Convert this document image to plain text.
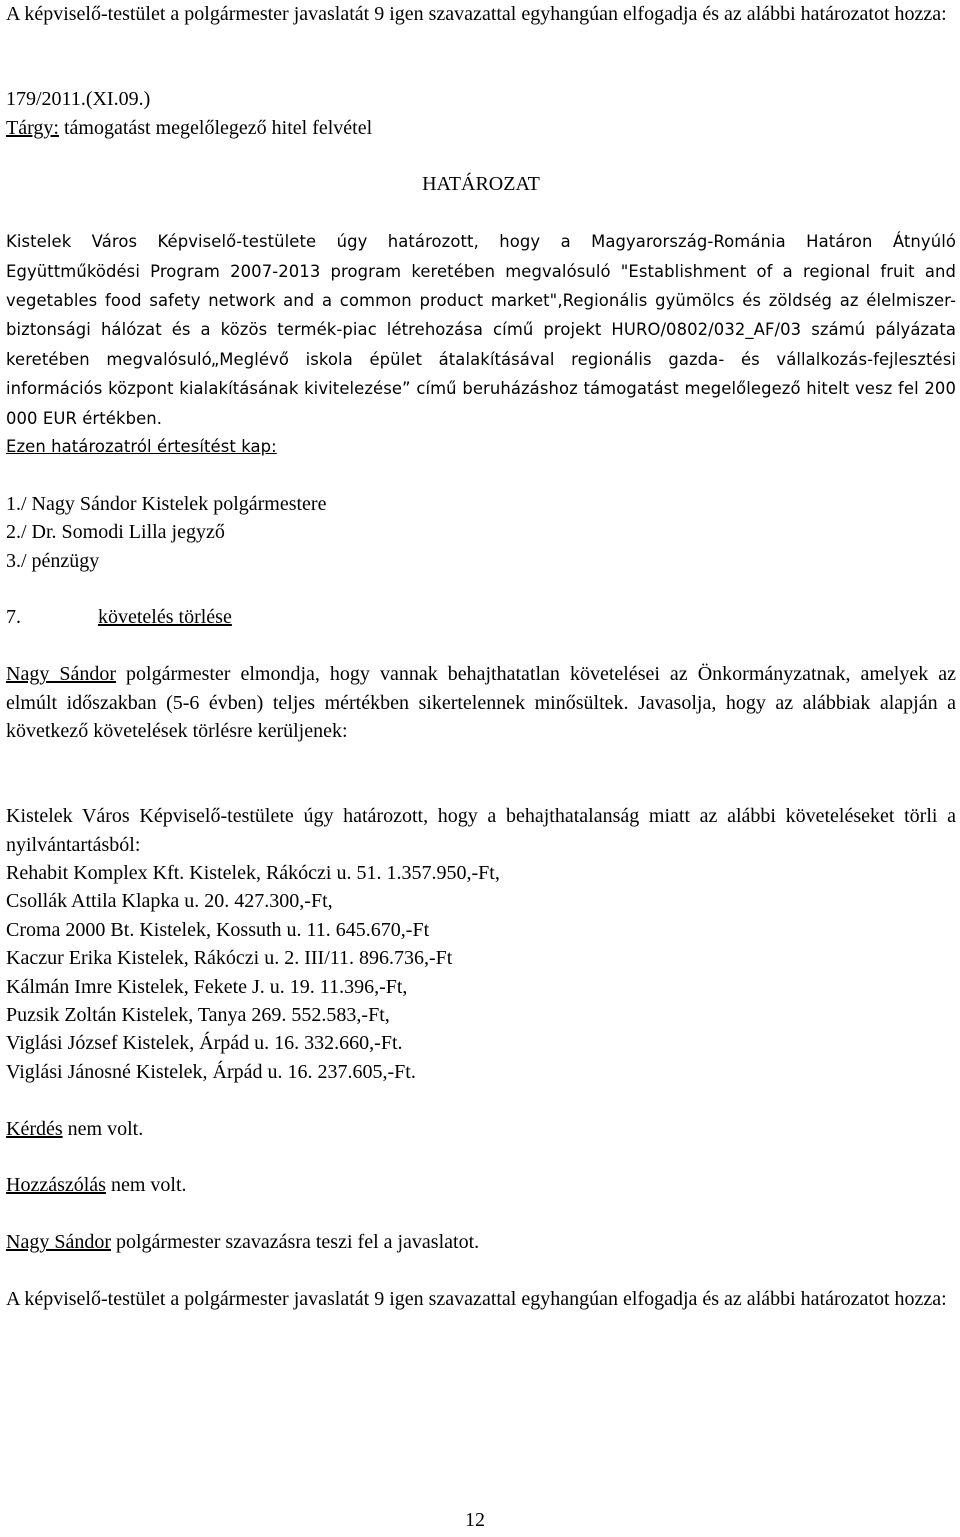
A képviselő-testület a polgármester javaslatát 9 igen szavazattal egyhangúan elfogadja és az alábbi határozatot hozza:

179/2011.(XI.09.)

Tárgy: támogatást megelőlegező hitel felvétel

HATÁROZAT

Kistelek Város Képviselő-testülete úgy határozott, hogy a Magyarország-Románia Határon Átnyúló Együttműködési Program 2007-2013 program keretében megvalósuló "Establishment of a regional fruit and vegetables food safety network and a common product market",Regionális gyümölcs és zöldség az élelmiszer-biztonsági hálózat és a közös termék-piac létrehozása című projekt HURO/0802/032_AF/03 számú pályázata keretében megvalósuló„Meglévő iskola épület átalakításával regionális gazda- és vállalkozás-fejlesztési információs központ kialakításának kivitelezése” című beruházáshoz támogatást megelőlegező hitelt vesz fel 200 000 EUR értékben.

Ezen határozatról értesítést kap:

1./ Nagy Sándor Kistelek polgármestere

2./ Dr. Somodi Lilla jegyző

3./ pénzügy

7.	követelés törlése

Nagy Sándor polgármester elmondja, hogy vannak behajthatatlan követelései az Önkormányzatnak, amelyek az elmúlt időszakban (5-6 évben) teljes mértékben sikertelennek minősültek. Javasolja, hogy az alábbiak alapján a következő követelések törlésre kerüljenek:

Kistelek Város Képviselő-testülete úgy határozott, hogy a behajthatalanság miatt az alábbi követeléseket törli a nyilvántartásból:

Rehabit Komplex Kft. Kistelek, Rákóczi u. 51. 1.357.950,-Ft,

Csollák Attila Klapka u. 20. 427.300,-Ft,

Croma 2000 Bt. Kistelek, Kossuth u. 11. 645.670,-Ft

Kaczur Erika Kistelek, Rákóczi u. 2. III/11. 896.736,-Ft

Kálmán Imre Kistelek, Fekete J. u. 19. 11.396,-Ft,

Puzsik Zoltán Kistelek, Tanya 269. 552.583,-Ft,

Viglási József Kistelek, Árpád u. 16. 332.660,-Ft.

Viglási Jánosné Kistelek, Árpád u. 16. 237.605,-Ft.

Kérdés nem volt.

Hozzászólás nem volt.

Nagy Sándor polgármester szavazásra teszi fel a javaslatot.

A képviselő-testület a polgármester javaslatát 9 igen szavazattal egyhangúan elfogadja és az alábbi határozatot hozza:

12
